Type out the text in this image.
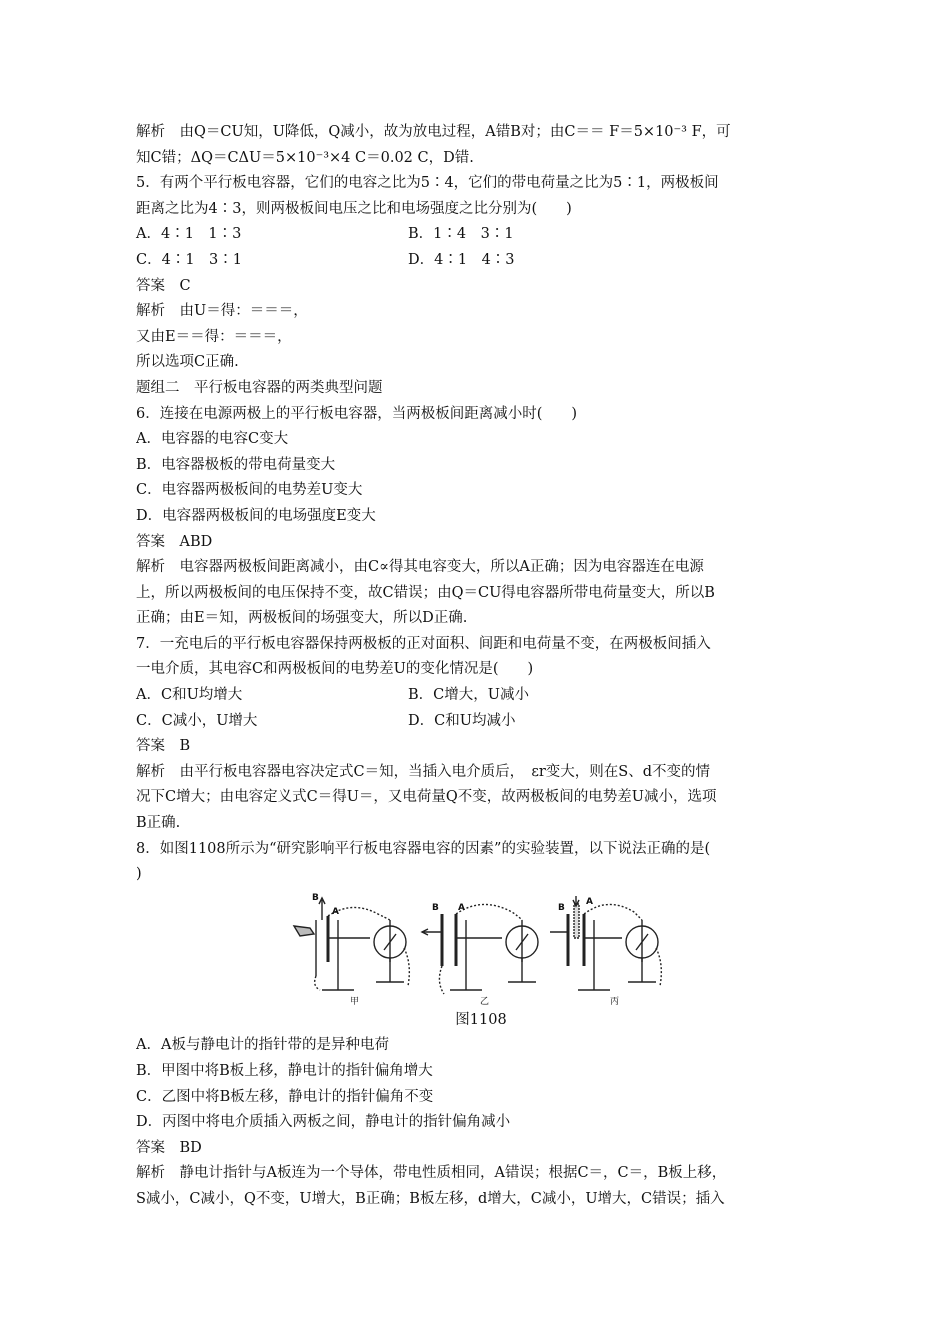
解析　由Q＝CU知，U降低，Q减小，故为放电过程，A错B对；由C＝＝ F＝5×10⁻³ F，可
知C错；ΔQ＝CΔU＝5×10⁻³×4 C＝0.02 C，D错.
5．有两个平行板电容器，它们的电容之比为5∶4，它们的带电荷量之比为5∶1，两极板间
距离之比为4∶3，则两极板间电压之比和电场强度之比分别为(　　)
A．4∶1　1∶3	B．1∶4　3∶1
C．4∶1　3∶1	D．4∶1　4∶3
答案　C
解析　由U＝得：＝＝＝，
又由E＝＝得：＝＝＝，
所以选项C正确.
题组二　平行板电容器的两类典型问题
6．连接在电源两极上的平行板电容器，当两极板间距离减小时(　　)
A．电容器的电容C变大
B．电容器极板的带电荷量变大
C．电容器两极板间的电势差U变大
D．电容器两极板间的电场强度E变大
答案　ABD
解析　电容器两极板间距离减小，由C∝得其电容变大，所以A正确；因为电容器连在电源
上，所以两极板间的电压保持不变，故C错误；由Q＝CU得电容器所带电荷量变大，所以B
正确；由E＝知，两极板间的场强变大，所以D正确.
7．一充电后的平行板电容器保持两极板的正对面积、间距和电荷量不变，在两极板间插入
一电介质，其电容C和两极板间的电势差U的变化情况是(　　)
A．C和U均增大	B．C增大，U减小
C．C减小，U增大	D．C和U均减小
答案　B
解析　由平行板电容器电容决定式C＝知，当插入电介质后，　εr变大，则在S、d不变的情
况下C增大；由电容定义式C＝得U＝，又电荷量Q不变，故两极板间的电势差U减小，选项
B正确.
8．如图1108所示为“研究影响平行板电容器电容的因素”的实验装置，以下说法正确的是(
)
B
A
甲
B A
乙
B
A
丙
图1108
A．A板与静电计的指针带的是异种电荷
B．甲图中将B板上移，静电计的指针偏角增大
C．乙图中将B板左移，静电计的指针偏角不变
D．丙图中将电介质插入两板之间，静电计的指针偏角减小
答案　BD
解析　静电计指针与A板连为一个导体，带电性质相同，A错误；根据C＝，C＝，B板上移，
S减小，C减小，Q不变，U增大，B正确；B板左移，d增大，C减小，U增大，C错误；插入
